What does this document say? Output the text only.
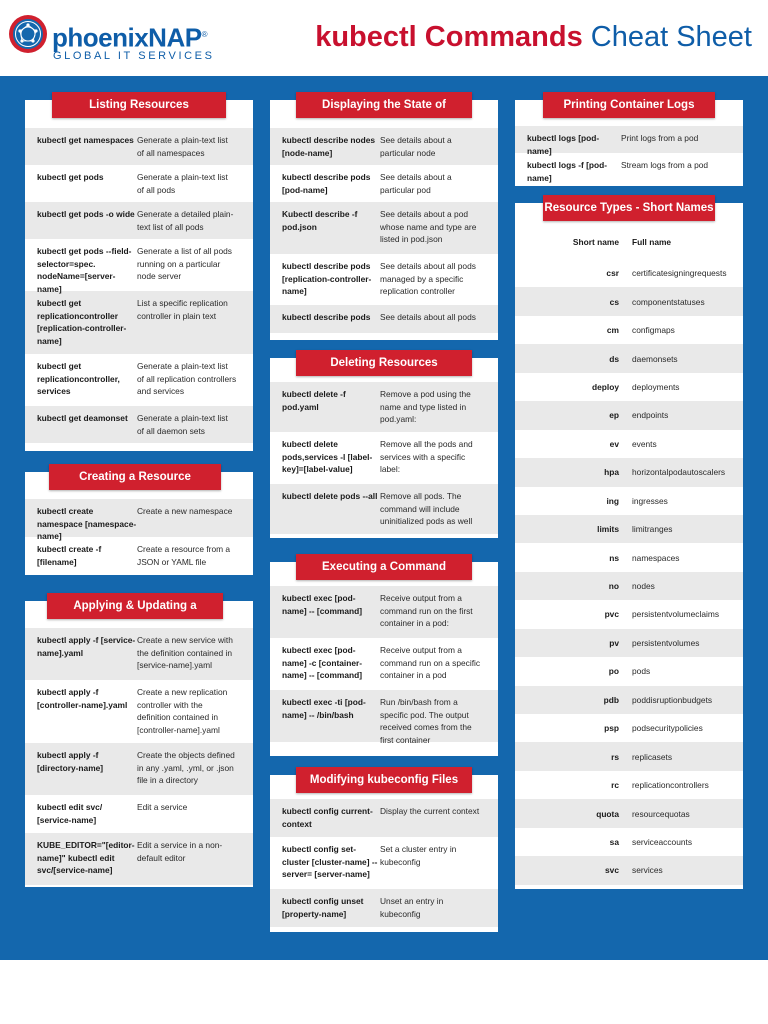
phoenixNAP®
GLOBAL IT SERVICES
kubectl Commands Cheat Sheet
Listing Resources
kubectl get namespaces Generate a plain-text list of all namespaces
kubectl get pods	Generate a plain-text list of all pods
kubectl get pods -o wide Generate a detailed plain-text list of all pods
kubectl get pods --field-selector=spec. nodeName=[server-name]
Generate a list of all pods running on a particular node server
kubectl get replicationcontroller [replication-controller-name]
List a specific replication controller in plain text
kubectl get replicationcontroller, services
Generate a plain-text list of all replication controllers and services
kubectl get deamonset	Generate a plain-text list of all daemon sets
Creating a Resource
kubectl create namespace [namespace-name]
Create a new namespace
kubectl create -f [filename]
Create a resource from a JSON or YAML file
Applying & Updating a
kubectl apply -f [service-name].yaml
Create a new service with the definition contained in [service-name].yaml
kubectl apply -f [controller-name].yaml
Create a new replication controller with the definition contained in [controller-name].yaml
kubectl apply -f [directory-name]
Create the objects defined in any .yaml, .yml, or .json file in a directory
kubectl edit svc/ [service-name]
Edit a service
KUBE_EDITOR="[editor-name]" kubectl edit svc/[service-name]
Edit a service in a non-default editor
Displaying the State of
kubectl describe nodes [node-name]
See details about a particular node
kubectl describe pods [pod-name]
See details about a particular pod
Kubectl describe -f pod.json
See details about a pod whose name and type are listed in pod.json
kubectl describe pods [replication-controller-name]
See details about all pods managed by a specific replication controller
kubectl describe pods	See details about all pods
Deleting Resources
kubectl delete -f pod.yaml
Remove a pod using the name and type listed in pod.yaml:
kubectl delete pods,services -l [label-key]=[label-value]
Remove all the pods and services with a specific label:
kubectl delete pods --all Remove all pods. The command will include uninitialized pods as well
Executing a Command
kubectl exec [pod-name] -- [command]
Receive output from a command run on the first container in a pod:
kubectl exec [pod-name] -c [container-name] -- [command]
Receive output from a command run on a specific container in a pod
kubectl exec -ti [pod-name] -- /bin/bash
Run /bin/bash from a specific pod. The output received comes from the first container
Modifying kubeconfig Files
kubectl config current-context
Display the current context
kubectl config set-cluster [cluster-name] --server= [server-name]
Set a cluster entry in kubeconfig
kubectl config unset [property-name]
Unset an entry in kubeconfig
Printing Container Logs
kubectl logs [pod-name]
Print logs from a pod
kubectl logs -f [pod-name]
Stream logs from a pod
Resource Types - Short Names
Short name	Full name
csr	certificatesigningrequests
cs	componentstatuses
cm	configmaps
ds	daemonsets
deploy	deployments
ep	endpoints
ev	events
hpa	horizontalpodautoscalers
ing	ingresses
limits	limitranges
ns	namespaces
no	nodes
pvc	persistentvolumeclaims
pv	persistentvolumes
po	pods
pdb	poddisruptionbudgets
psp	podsecuritypolicies
rs	replicasets
rc	replicationcontrollers
quota	resourcequotas
sa	serviceaccounts
svc	services
